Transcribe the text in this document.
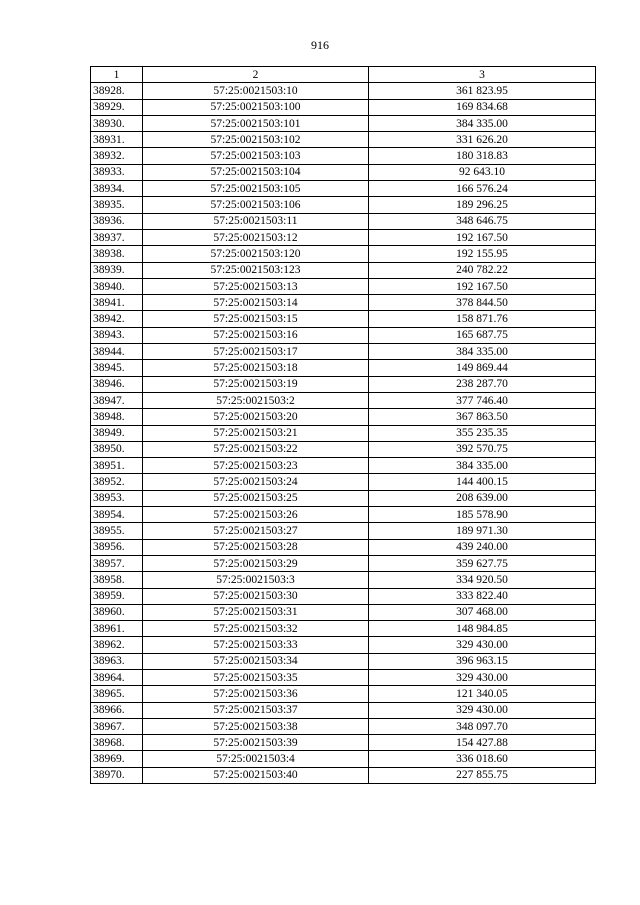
916
1	2	3
38928.	57:25:0021503:10	361 823.95
38929.	57:25:0021503:100	169 834.68
38930.	57:25:0021503:101	384 335.00
38931.	57:25:0021503:102	331 626.20
38932.	57:25:0021503:103	180 318.83
38933.	57:25:0021503:104	92 643.10
38934.	57:25:0021503:105	166 576.24
38935.	57:25:0021503:106	189 296.25
38936.	57:25:0021503:11	348 646.75
38937.	57:25:0021503:12	192 167.50
38938.	57:25:0021503:120	192 155.95
38939.	57:25:0021503:123	240 782.22
38940.	57:25:0021503:13	192 167.50
38941.	57:25:0021503:14	378 844.50
38942.	57:25:0021503:15	158 871.76
38943.	57:25:0021503:16	165 687.75
38944.	57:25:0021503:17	384 335.00
38945.	57:25:0021503:18	149 869.44
38946.	57:25:0021503:19	238 287.70
38947.	57:25:0021503:2	377 746.40
38948.	57:25:0021503:20	367 863.50
38949.	57:25:0021503:21	355 235.35
38950.	57:25:0021503:22	392 570.75
38951.	57:25:0021503:23	384 335.00
38952.	57:25:0021503:24	144 400.15
38953.	57:25:0021503:25	208 639.00
38954.	57:25:0021503:26	185 578.90
38955.	57:25:0021503:27	189 971.30
38956.	57:25:0021503:28	439 240.00
38957.	57:25:0021503:29	359 627.75
38958.	57:25:0021503:3	334 920.50
38959.	57:25:0021503:30	333 822.40
38960.	57:25:0021503:31	307 468.00
38961.	57:25:0021503:32	148 984.85
38962.	57:25:0021503:33	329 430.00
38963.	57:25:0021503:34	396 963.15
38964.	57:25:0021503:35	329 430.00
38965.	57:25:0021503:36	121 340.05
38966.	57:25:0021503:37	329 430.00
38967.	57:25:0021503:38	348 097.70
38968.	57:25:0021503:39	154 427.88
38969.	57:25:0021503:4	336 018.60
38970.	57:25:0021503:40	227 855.75
